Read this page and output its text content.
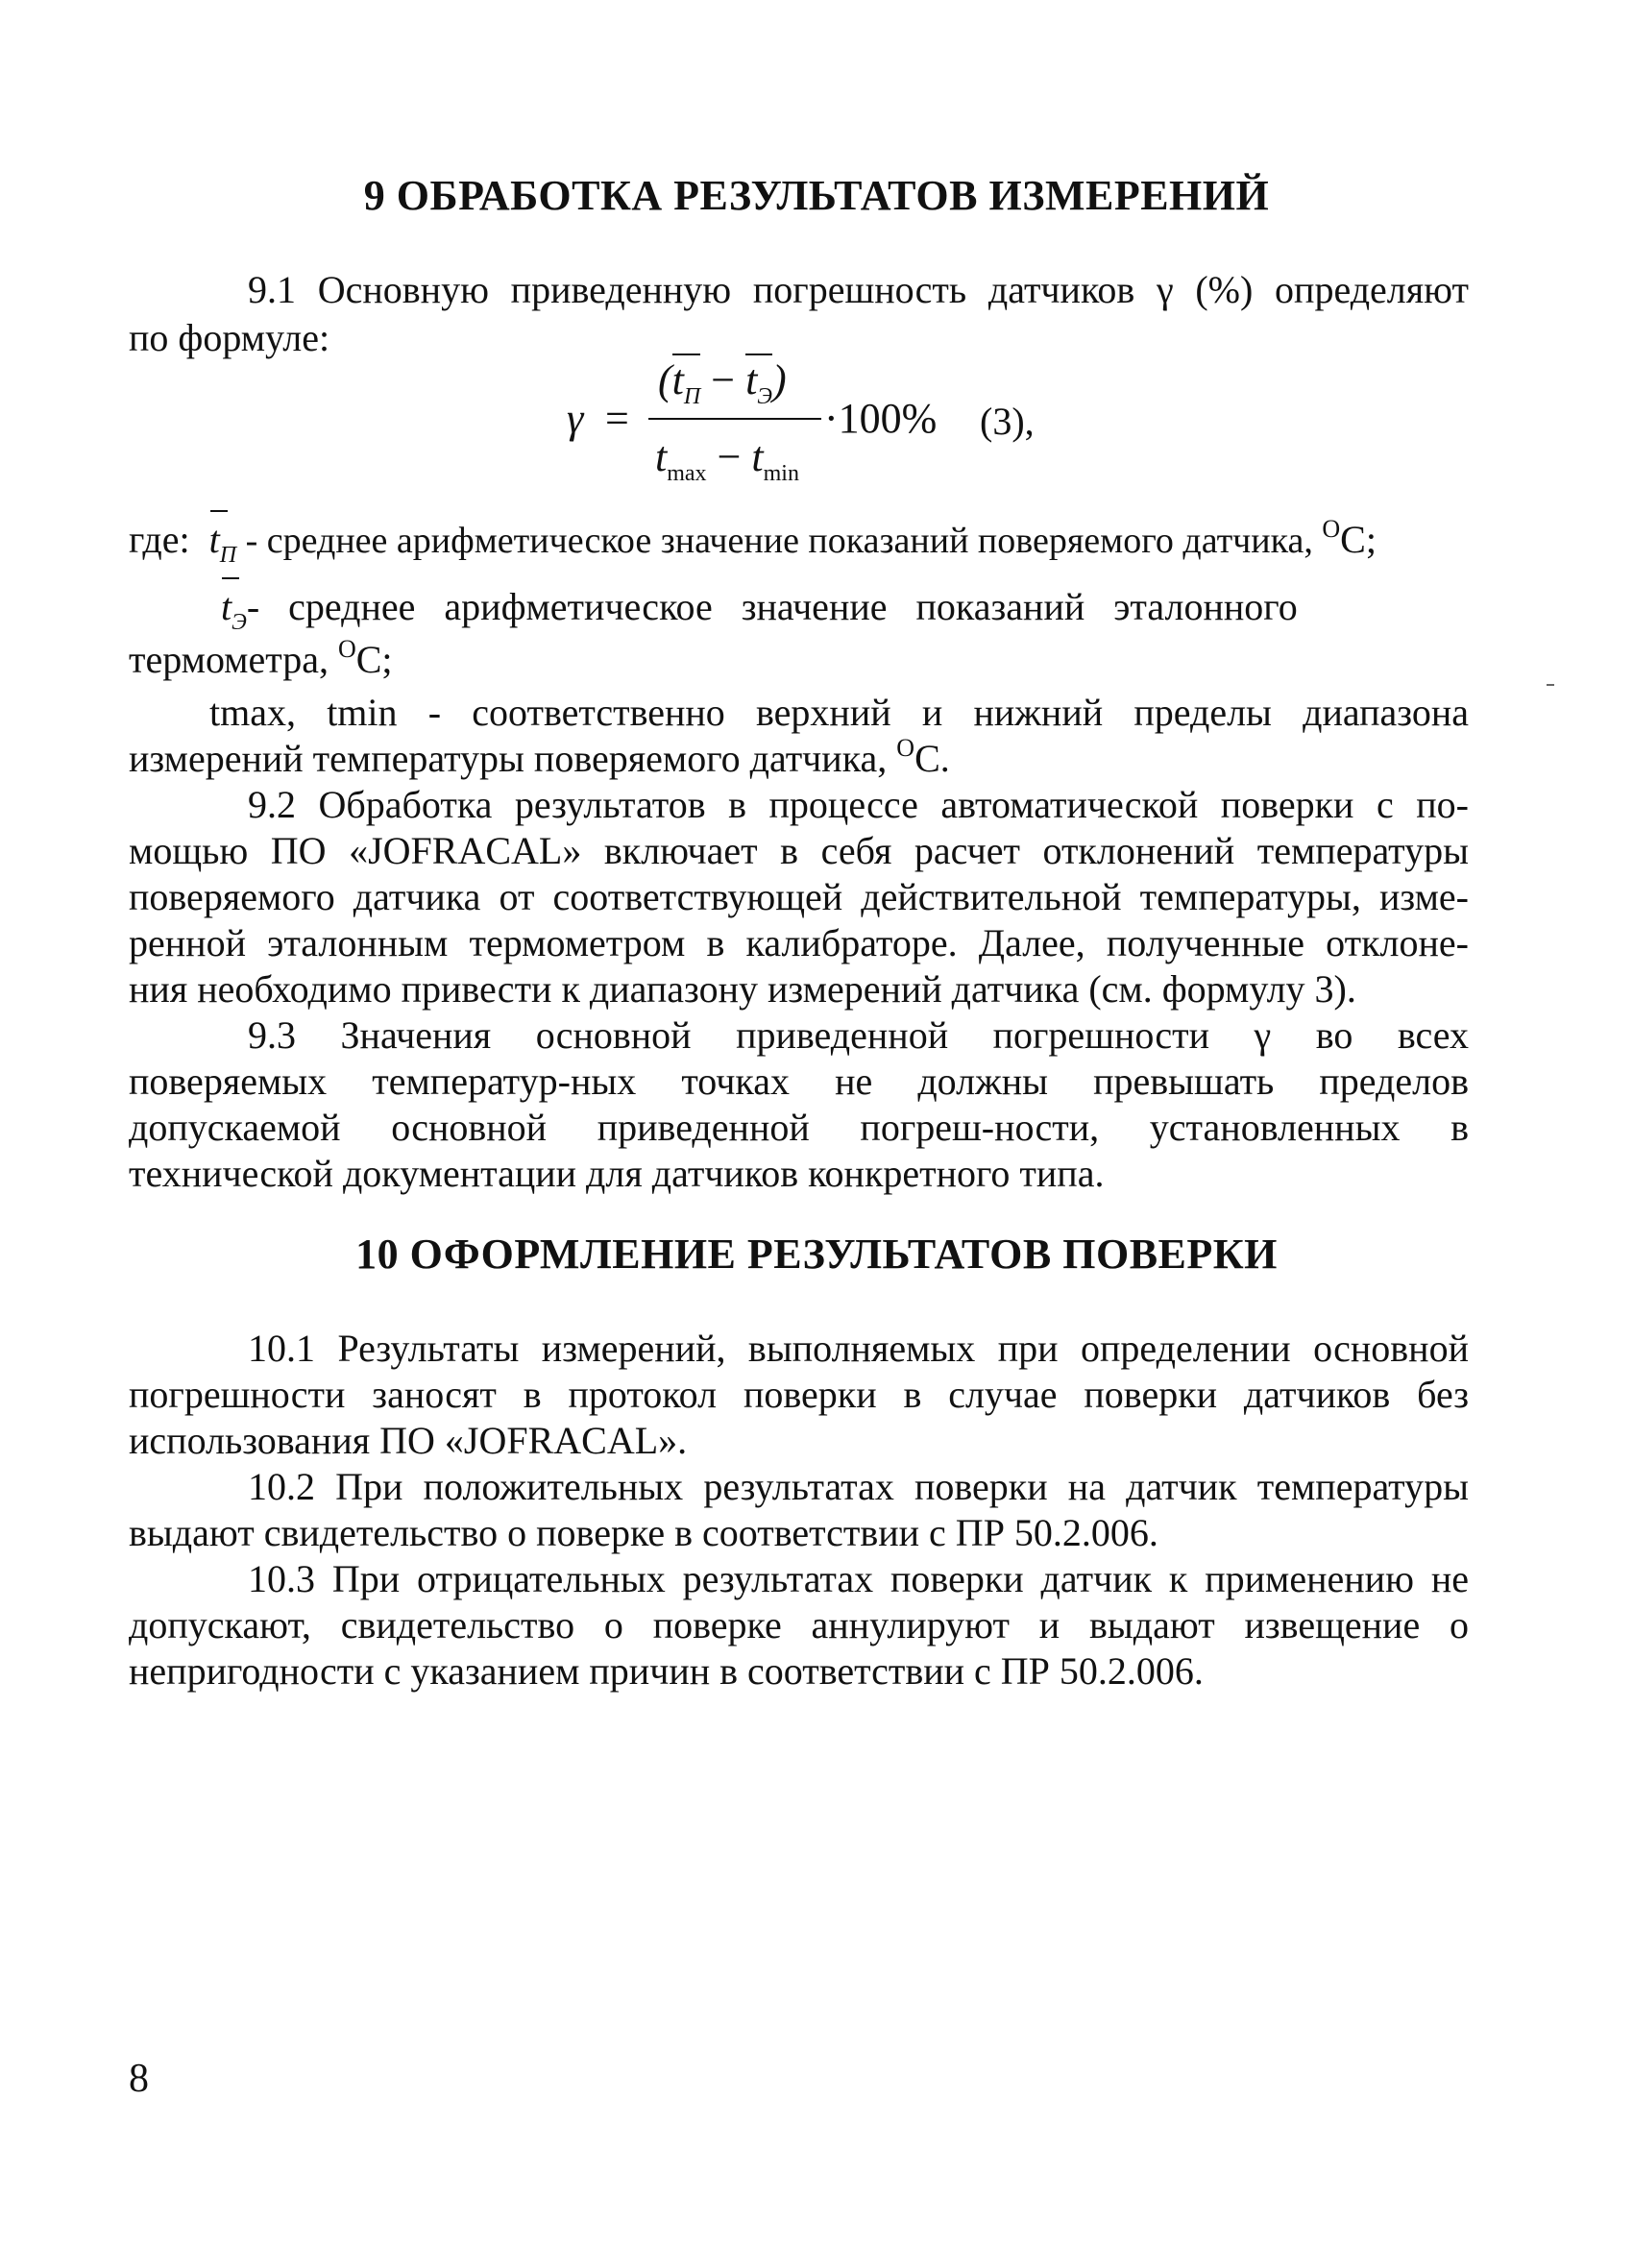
9 ОБРАБОТКА РЕЗУЛЬТАТОВ ИЗМЕРЕНИЙ
9.1 Основную приведенную погрешность датчиков γ (%) определяют
по формуле:
γ =
$(t_П - t_Э)$
$t_{max} - t_{min}$
·100% (3),
где: $t_П$ - среднее арифметическое значение показаний поверяемого датчика, $^O$C;
$t_Э-$   среднее   арифметическое   значение   показаний   эталонного
термометра, $^O$C;
tmax, tmin - соответственно верхний и нижний пределы диапазона
измерений температуры поверяемого датчика, $^O$C.
9.2 Обработка результатов в процессе автоматической поверки с по-
мощью ПО «JOFRACAL» включает в себя расчет отклонений температуры
поверяемого датчика от соответствующей действительной температуры, изме-
ренной эталонным термометром в калибраторе. Далее, полученные отклоне-
ния необходимо привести к диапазону измерений датчика (см. формулу 3).
9.3 Значения основной приведенной погрешности γ во всех
поверяемых температур-ных точках не должны превышать пределов
допускаемой основной приведенной погреш-ности, установленных в
технической документации для датчиков конкретного типа.
10 ОФОРМЛЕНИЕ РЕЗУЛЬТАТОВ ПОВЕРКИ
10.1 Результаты измерений, выполняемых при определении основной
погрешности заносят в протокол поверки в случае поверки датчиков без
использования ПО «JOFRACAL».
10.2 При положительных результатах поверки на датчик температуры
выдают свидетельство о поверке в соответствии с ПР 50.2.006.
10.3 При отрицательных результатах поверки датчик к применению не
допускают, свидетельство о поверке аннулируют и выдают извещение о
непригодности с указанием причин в соответствии с ПР 50.2.006.
8
